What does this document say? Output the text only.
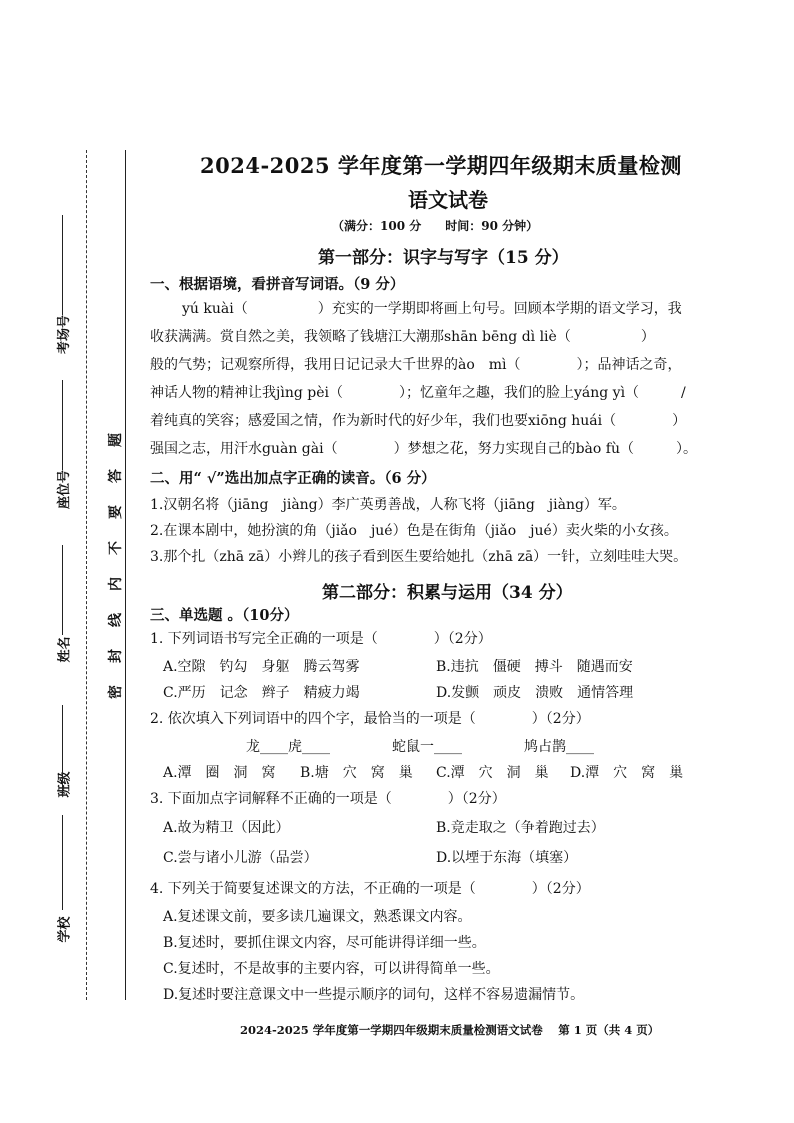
考场号
座位号
姓名
班级
学校
题
答
要
不
内
线
封
密
2024-2025 学年度第一学期四年级期末质量检测
语文试卷
（满分：100 分　　时间：90 分钟）
第一部分：识字与写字（15 分）
一、根据语境，看拼音写词语。（9 分）
yú kuài（　　　　　）充实的一学期即将画上句号。回顾本学期的语文学习，我
收获满满。赏自然之美，我领略了钱塘江大潮那shān bēng dì liè（　　　　　）
般的气势；记观察所得，我用日记记录大千世界的ào　mì（　　　　）；品神话之奇，
神话人物的精神让我jìng pèi（　　　　）；忆童年之趣，我们的脸上yáng yì（　　　/
着纯真的笑容；感爱国之情，作为新时代的好少年，我们也要xiōng huái（　　　　）
强国之志，用汗水guàn gài（　　　　）梦想之花，努力实现自己的bào fù（　　　）。
二、用“ √”选出加点字正确的读音。（6 分）
1.汉朝名将（jiāng　jiàng）李广英勇善战，人称飞将（jiāng　jiàng）军。
2.在课本剧中，她扮演的角（jiǎo　jué）色是在街角（jiǎo　jué）卖火柴的小女孩。
3.那个扎（zhā zā）小辫儿的孩子看到医生要给她扎（zhā zā）一针，立刻哇哇大哭。
第二部分：积累与运用（34 分）
三、单选题 。（10分）
1. 下列词语书写完全正确的一项是（　　　　）（2分）
A.空隙　钓勾　身躯　腾云驾雾	B.违抗　僵硬　搏斗　随遇而安
C.严历　记念　辫子　精疲力竭	D.发颤　顽皮　溃败　通情答理
2. 依次填入下列词语中的四个字，最恰当的一项是（　　　　）（2分）
龙____虎____	蛇鼠一____	鸠占鹊____
A.潭　圈　洞　窝 B.塘　穴　窝　巢 C.潭　穴　洞　巢 D.潭　穴　窝　巢
3. 下面加点字词解释不正确的一项是（　　　　）（2分）
A.故为精卫（因此）	B.竞走取之（争着跑过去）
C.尝与诸小儿游（品尝）	D.以堙于东海（填塞）
4. 下列关于简要复述课文的方法，不正确的一项是（　　　　）（2分）
A.复述课文前，要多读几遍课文，熟悉课文内容。
B.复述时，要抓住课文内容，尽可能讲得详细一些。
C.复述时，不是故事的主要内容，可以讲得简单一些。
D.复述时要注意课文中一些提示顺序的词句，这样不容易遗漏情节。
2024-2025 学年度第一学期四年级期末质量检测语文试卷　 第 1 页（共 4 页）
